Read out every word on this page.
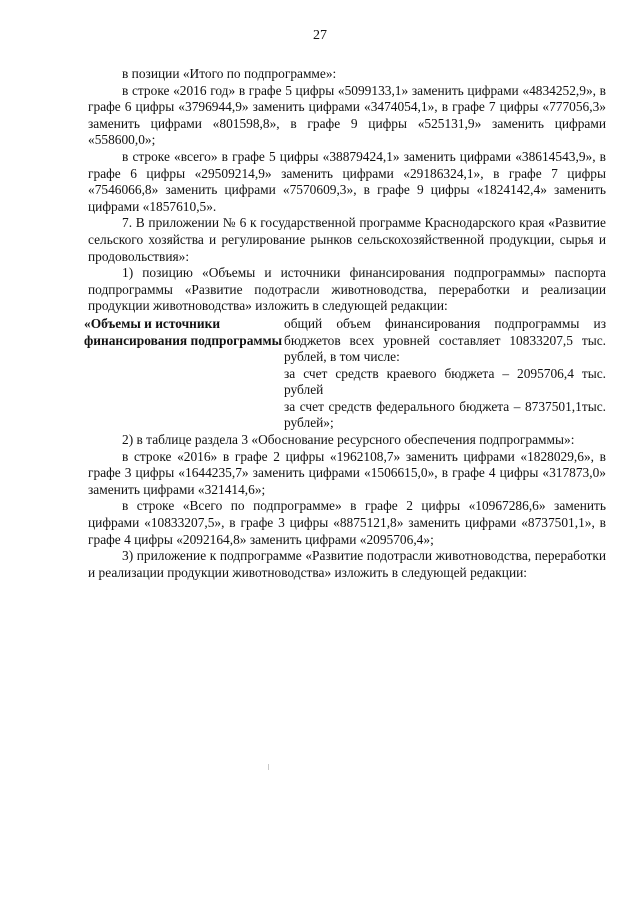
27

в позиции «Итого по подпрограмме»:

в строке «2016 год» в графе 5 цифры «5099133,1» заменить цифрами «4834252,9», в графе 6 цифры «3796944,9» заменить цифрами «3474054,1», в графе 7 цифры «777056,3» заменить цифрами «801598,8», в графе 9 цифры «525131,9» заменить цифрами «558600,0»;

в строке «всего» в графе 5 цифры «38879424,1» заменить цифрами «38614543,9», в графе 6 цифры «29509214,9» заменить цифрами «29186324,1», в графе 7 цифры «7546066,8» заменить цифрами «7570609,3», в графе 9 цифры «1824142,4» заменить цифрами «1857610,5».

7. В приложении № 6 к государственной программе Краснодарского края «Развитие сельского хозяйства и регулирование рынков сельскохозяйственной продукции, сырья и продовольствия»:

1) позицию «Объемы и источники финансирования подпрограммы» паспорта подпрограммы «Развитие подотрасли животноводства, переработки и реализации продукции животноводства» изложить в следующей редакции:

«Объемы и источники финансирования подпрограммы

общий объем финансирования подпрограммы из бюджетов всех уровней составляет 10833207,5 тыс. рублей, в том числе:

за счет средств краевого бюджета – 2095706,4 тыс. рублей

за счет средств федерального бюджета – 8737501,1тыс. рублей»;

2) в таблице раздела 3 «Обоснование ресурсного обеспечения подпрограммы»:

в строке «2016» в графе 2 цифры «1962108,7» заменить цифрами «1828029,6», в графе 3 цифры «1644235,7» заменить цифрами «1506615,0», в графе 4 цифры «317873,0» заменить цифрами «321414,6»;

в строке «Всего по подпрограмме» в графе 2 цифры «10967286,6» заменить цифрами «10833207,5», в графе 3 цифры «8875121,8» заменить цифрами «8737501,1», в графе 4 цифры «2092164,8» заменить цифрами «2095706,4»;

3) приложение к подпрограмме «Развитие подотрасли животноводства, переработки и реализации продукции животноводства» изложить в следующей редакции:
